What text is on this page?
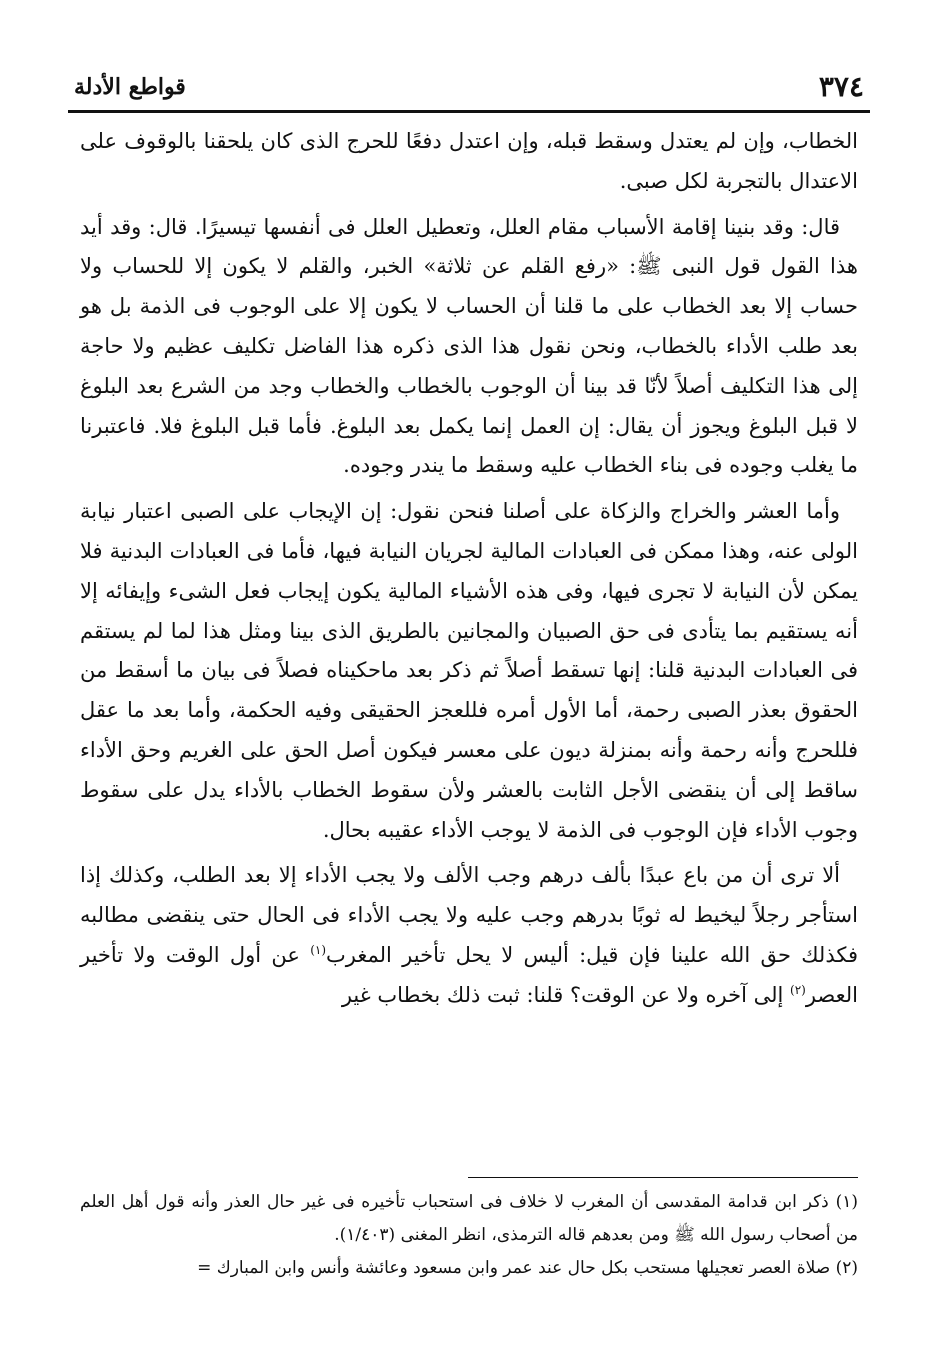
٣٧٤
قواطع الأدلة

الخطاب، وإن لم يعتدل وسقط قبله، وإن اعتدل دفعًا للحرج الذى كان يلحقنا بالوقوف على الاعتدال بالتجربة لكل صبى.

قال: وقد بنينا إقامة الأسباب مقام العلل، وتعطيل العلل فى أنفسها تيسيرًا. قال: وقد أيد هذا القول قول النبى ﷺ: «رفع القلم عن ثلاثة» الخبر، والقلم لا يكون إلا للحساب ولا حساب إلا بعد الخطاب على ما قلنا أن الحساب لا يكون إلا على الوجوب فى الذمة بل هو بعد طلب الأداء بالخطاب، ونحن نقول هذا الذى ذكره هذا الفاضل تكليف عظيم ولا حاجة إلى هذا التكليف أصلاً لأنّا قد بينا أن الوجوب بالخطاب والخطاب وجد من الشرع بعد البلوغ لا قبل البلوغ ويجوز أن يقال: إن العمل إنما يكمل بعد البلوغ. فأما قبل البلوغ فلا. فاعتبرنا ما يغلب وجوده فى بناء الخطاب عليه وسقط ما يندر وجوده.

وأما العشر والخراج والزكاة على أصلنا فنحن نقول: إن الإيجاب على الصبى اعتبار نيابة الولى عنه، وهذا ممكن فى العبادات المالية لجريان النيابة فيها، فأما فى العبادات البدنية فلا يمكن لأن النيابة لا تجرى فيها، وفى هذه الأشياء المالية يكون إيجاب فعل الشىء وإيفائه إلا أنه يستقيم بما يتأدى فى حق الصبيان والمجانين بالطريق الذى بينا ومثل هذا لما لم يستقم فى العبادات البدنية قلنا: إنها تسقط أصلاً ثم ذكر بعد ماحكيناه فصلاً فى بيان ما أسقط من الحقوق بعذر الصبى رحمة، أما الأول أمره فللعجز الحقيقى وفيه الحكمة، وأما بعد ما عقل فللحرج وأنه رحمة وأنه بمنزلة ديون على معسر فيكون أصل الحق على الغريم وحق الأداء ساقط إلى أن ينقضى الأجل الثابت بالعشر ولأن سقوط الخطاب بالأداء يدل على سقوط وجوب الأداء فإن الوجوب فى الذمة لا يوجب الأداء عقيبه بحال.

ألا ترى أن من باع عبدًا بألف درهم وجب الألف ولا يجب الأداء إلا بعد الطلب، وكذلك إذا استأجر رجلاً ليخيط له ثوبًا بدرهم وجب عليه ولا يجب الأداء فى الحال حتى ينقضى مطالبه فكذلك حق الله علينا فإن قيل: أليس لا يحل تأخير المغرب$^{(١)}$ عن أول الوقت ولا تأخير العصر$^{(٢)}$ إلى آخره ولا عن الوقت؟ قلنا: ثبت ذلك بخطاب غير

(١) ذكر ابن قدامة المقدسى أن المغرب لا خلاف فى استحباب تأخيره فى غير حال العذر وأنه قول أهل العلم من أصحاب رسول الله ﷺ ومن بعدهم قاله الترمذى، انظر المغنى (١/٤٠٣).

(٢) صلاة العصر تعجيلها مستحب بكل حال عند عمر وابن مسعود وعائشة وأنس وابن المبارك =
